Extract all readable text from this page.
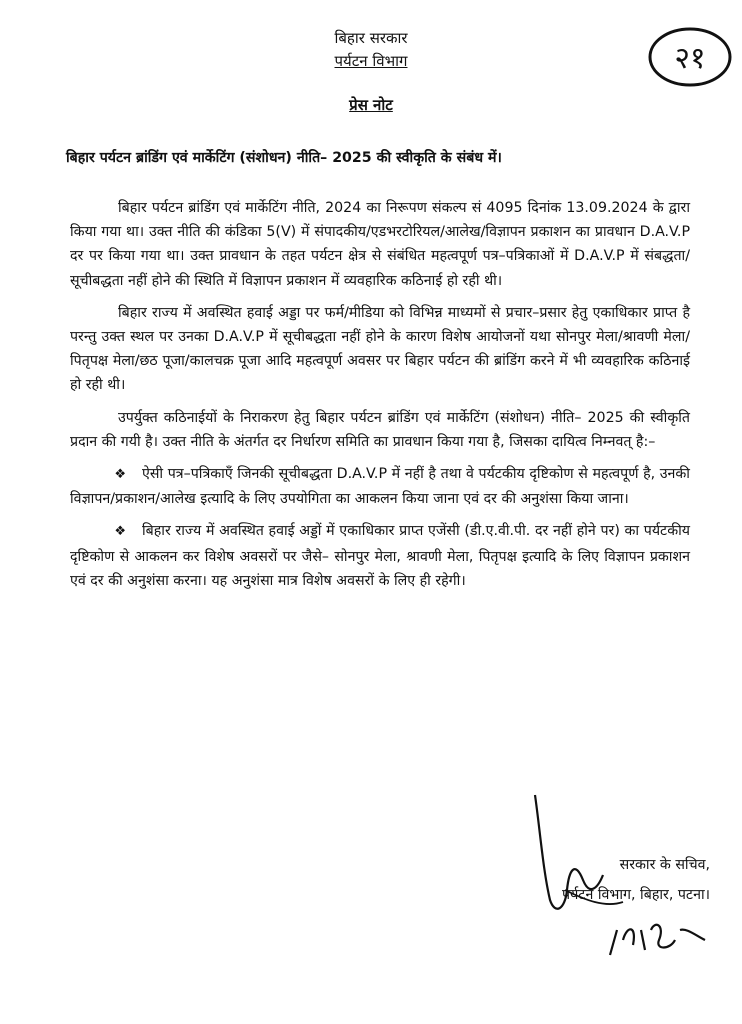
बिहार सरकार
पर्यटन विभाग
प्रेस नोट
२१
बिहार पर्यटन ब्रांडिंग एवं मार्केटिंग (संशोधन) नीति– 2025 की स्वीकृति के संबंध में।

बिहार पर्यटन ब्रांडिंग एवं मार्केटिंग नीति, 2024 का निरूपण संकल्प सं 4095 दिनांक 13.09.2024 के द्वारा किया गया था। उक्त नीति की कंडिका 5(V) में संपादकीय/एडभरटोरियल/आलेख/विज्ञापन प्रकाशन का प्रावधान D.A.V.P दर पर किया गया था। उक्त प्रावधान के तहत पर्यटन क्षेत्र से संबंधित महत्वपूर्ण पत्र–पत्रिकाओं में D.A.V.P में संबद्धता/सूचीबद्धता नहीं होने की स्थिति में विज्ञापन प्रकाशन में व्यवहारिक कठिनाई हो रही थी।

बिहार राज्य में अवस्थित हवाई अड्डा पर फर्म/मीडिया को विभिन्न माध्यमों से प्रचार–प्रसार हेतु एकाधिकार प्राप्त है परन्तु उक्त स्थल पर उनका D.A.V.P में सूचीबद्धता नहीं होने के कारण विशेष आयोजनों यथा सोनपुर मेला/श्रावणी मेला/पितृपक्ष मेला/छठ पूजा/कालचक्र पूजा आदि महत्वपूर्ण अवसर पर बिहार पर्यटन की ब्रांडिंग करने में भी व्यवहारिक कठिनाई हो रही थी।

उपर्युक्त कठिनाईयों के निराकरण हेतु बिहार पर्यटन ब्रांडिंग एवं मार्केटिंग (संशोधन) नीति– 2025 की स्वीकृति प्रदान की गयी है। उक्त नीति के अंतर्गत दर निर्धारण समिति का प्रावधान किया गया है, जिसका दायित्व निम्नवत् है:–

❖ ऐसी पत्र–पत्रिकाएँ जिनकी सूचीबद्धता D.A.V.P में नहीं है तथा वे पर्यटकीय दृष्टिकोण से महत्वपूर्ण है, उनकी विज्ञापन/प्रकाशन/आलेख इत्यादि के लिए उपयोगिता का आकलन किया जाना एवं दर की अनुशंसा किया जाना।

❖ बिहार राज्य में अवस्थित हवाई अड्डों में एकाधिकार प्राप्त एजेंसी (डी.ए.वी.पी. दर नहीं होने पर) का पर्यटकीय दृष्टिकोण से आकलन कर विशेष अवसरों पर जैसे– सोनपुर मेला, श्रावणी मेला, पितृपक्ष इत्यादि के लिए विज्ञापन प्रकाशन एवं दर की अनुशंसा करना। यह अनुशंसा मात्र विशेष अवसरों के लिए ही रहेगी।

17/4/2025
सरकार के सचिव,
पर्यटन विभाग, बिहार, पटना।
